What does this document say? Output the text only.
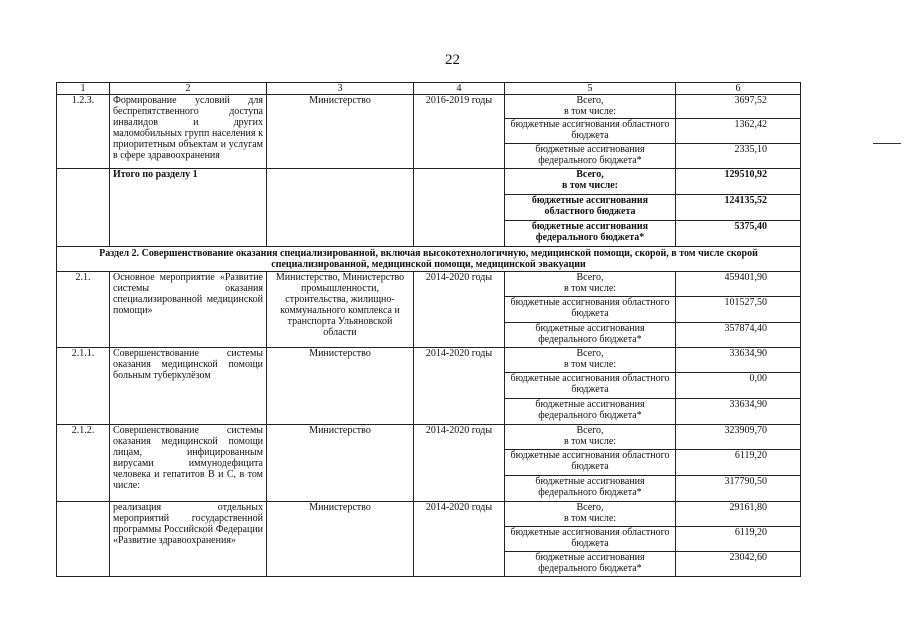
22
1	2	3	4	5	6
1.2.3.	Формирование условий для беспрепятственного доступа инвалидов и других маломобильных групп населения к приоритетным объектам и услугам в сфере здравоохранения	Министерство	2016-2019 годы	Всего,
в том числе:	3697,52
				бюджетные ассигнования областного бюджета	1362,42
				бюджетные ассигнования федерального бюджета*	2335,10
	Итого по разделу 1			Всего,
в том числе:	129510,92
				бюджетные ассигнования областного бюджета	124135,52
				бюджетные ассигнования федерального бюджета*	5375,40
Раздел 2. Совершенствование оказания специализированной, включая высокотехнологичную, медицинской помощи, скорой, в том числе скорой специализированной, медицинской помощи, медицинской эвакуации					
2.1.	Основное мероприятие «Развитие системы оказания специализированной медицинской помощи»	Министерство, Министерство промышленности, строительства, жилищно-коммунального комплекса и транспорта Ульяновской области	2014-2020 годы	Всего,
в том числе:	459401,90
				бюджетные ассигнования областного бюджета	101527,50
				бюджетные ассигнования федерального бюджета*	357874,40
2.1.1.	Совершенствование системы оказания медицинской помощи больным туберкулёзом	Министерство	2014-2020 годы	Всего,
в том числе:	33634,90
				бюджетные ассигнования областного бюджета	0,00
				бюджетные ассигнования федерального бюджета*	33634,90
2.1.2.	Совершенствование системы оказания медицинской помощи лицам, инфицированным вирусами иммунодефицита человека и гепатитов В и С, в том числе:	Министерство	2014-2020 годы	Всего,
в том числе:	323909,70
				бюджетные ассигнования областного бюджета	6119,20
				бюджетные ассигнования федерального бюджета*	317790,50
	реализация отдельных мероприятий государственной программы Российской Федерации «Развитие здравоохранения»	Министерство	2014-2020 годы	Всего,
в том числе:	29161,80
				бюджетные ассигнования областного бюджета	6119,20
				бюджетные ассигнования федерального бюджета*	23042,60
